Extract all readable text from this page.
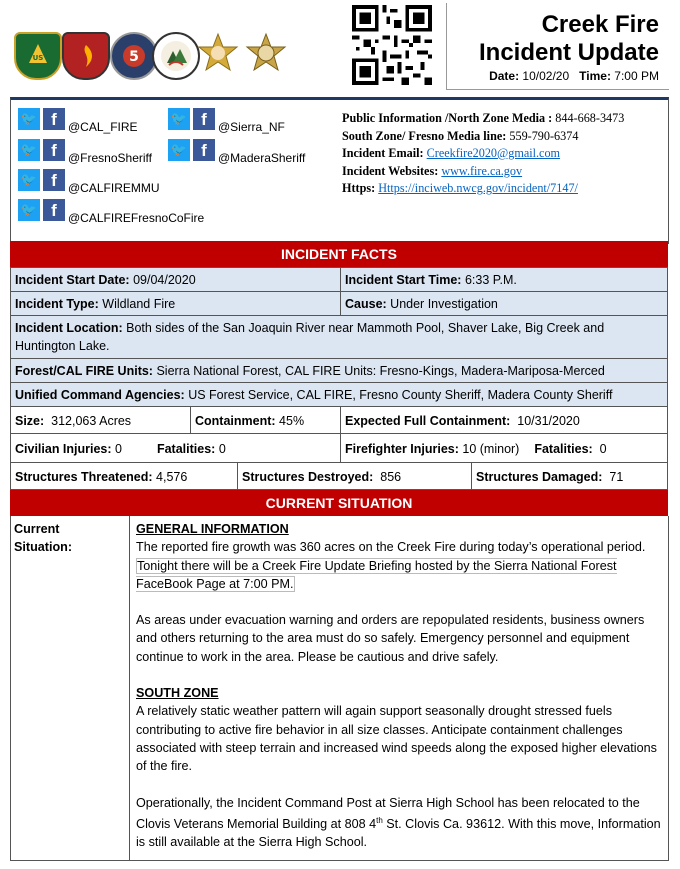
US	5
Creek Fire
Incident Update
Date: 10/02/20 Time: 7:00 PM
🐦 f @CAL_FIRE
🐦 f @Sierra_NF
🐦 f @FresnoSheriff
🐦 f @MaderaSheriff
🐦 f @CALFIREMMU
🐦 f @CALFIREFresnoCoFire
Public Information /North Zone Media : 844-668-3473
South Zone/ Fresno Media line: 559-790-6374
Incident Email: Creekfire2020@gmail.com
Incident Websites: www.fire.ca.gov
Https: Https://inciweb.nwcg.gov/incident/7147/
INCIDENT FACTS
Incident Start Date: 09/04/2020	Incident Start Time: 6:33 P.M.
Incident Type: Wildland Fire	Cause: Under Investigation
Incident Location: Both sides of the San Joaquin River near Mammoth Pool, Shaver Lake, Big Creek and Huntington Lake.
Forest/CAL FIRE Units: Sierra National Forest, CAL FIRE Units: Fresno-Kings, Madera-Mariposa-Merced
Unified Command Agencies: US Forest Service, CAL FIRE, Fresno County Sheriff, Madera County Sheriff
Size: 312,063 Acres	Containment: 45%	Expected Full Containment: 10/31/2020
Civilian Injuries: 0	Fatalities: 0	Firefighter Injuries: 10 (minor) Fatalities: 0
Structures Threatened: 4,576	Structures Destroyed: 856	Structures Damaged: 71
CURRENT SITUATION
Current
Situation:

GENERAL INFORMATION

The reported fire growth was 360 acres on the Creek Fire during today’s operational period. Tonight there will be a Creek Fire Update Briefing hosted by the Sierra National Forest FaceBook Page at 7:00 PM.

As areas under evacuation warning and orders are repopulated residents, business owners and others returning to the area must do so safely. Emergency personnel and equipment continue to work in the area. Please be cautious and drive safely.

SOUTH ZONE

A relatively static weather pattern will again support seasonally drought stressed fuels contributing to active fire behavior in all size classes. Anticipate containment challenges associated with steep terrain and increased wind speeds along the exposed higher elevations of the fire.

Operationally, the Incident Command Post at Sierra High School has been relocated to the Clovis Veterans Memorial Building at 808 4th St. Clovis Ca. 93612. With this move, Information is still available at the Sierra High School.
